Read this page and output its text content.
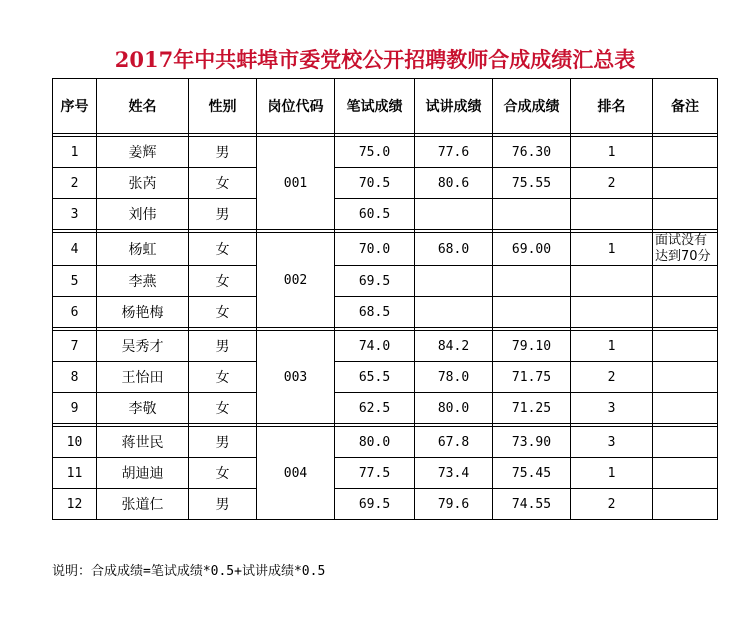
2017年中共蚌埠市委党校公开招聘教师合成成绩汇总表
序号	姓名	性别	岗位代码	笔试成绩	试讲成绩	合成成绩	排名	备注

1	姜辉	男	001	75.0	77.6	76.30	1	
2	张芮	女		70.5	80.6	75.55	2	
3	刘伟	男		60.5				

4	杨虹	女	002	70.0	68.0	69.00	1	面试没有达到70分
5	李燕	女		69.5				
6	杨艳梅	女		68.5				

7	吴秀才	男	003	74.0	84.2	79.10	1	
8	王怡田	女		65.5	78.0	71.75	2	
9	李敬	女		62.5	80.0	71.25	3	

10	蒋世民	男	004	80.0	67.8	73.90	3	
11	胡迪迪	女		77.5	73.4	75.45	1	
12	张道仁	男		69.5	79.6	74.55	2	
说明：合成成绩=笔试成绩*0.5+试讲成绩*0.5
